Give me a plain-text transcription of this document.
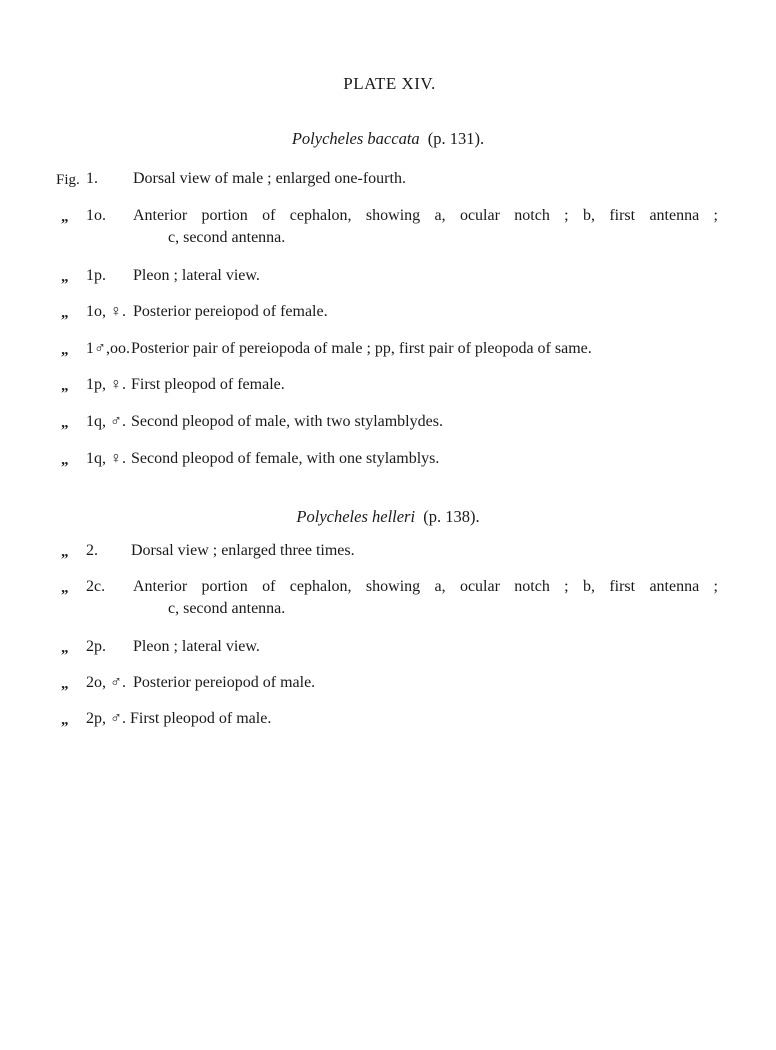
PLATE XIV.
Polycheles baccata (p. 131).
Fig. 1. Dorsal view of male ; enlarged one-fourth.
„ 1o. Anterior portion of cephalon, showing a, ocular notch ; b, first antenna ;
c, second antenna.
„ 1p. Pleon ; lateral view.
„ 1o, ♀. Posterior pereiopod of female.
„ 1♂,oo. Posterior pair of pereiopoda of male ; pp, first pair of pleopoda of same.
„ 1p, ♀. First pleopod of female.
„ 1q, ♂. Second pleopod of male, with two stylamblydes.
„ 1q, ♀. Second pleopod of female, with one stylamblys.
Polycheles helleri (p. 138).
„ 2. Dorsal view ; enlarged three times.
„ 2c. Anterior portion of cephalon, showing a, ocular notch ; b, first antenna ;
c, second antenna.
„ 2p. Pleon ; lateral view.
„ 2o, ♂. Posterior pereiopod of male.
„ 2p, ♂. First pleopod of male.
